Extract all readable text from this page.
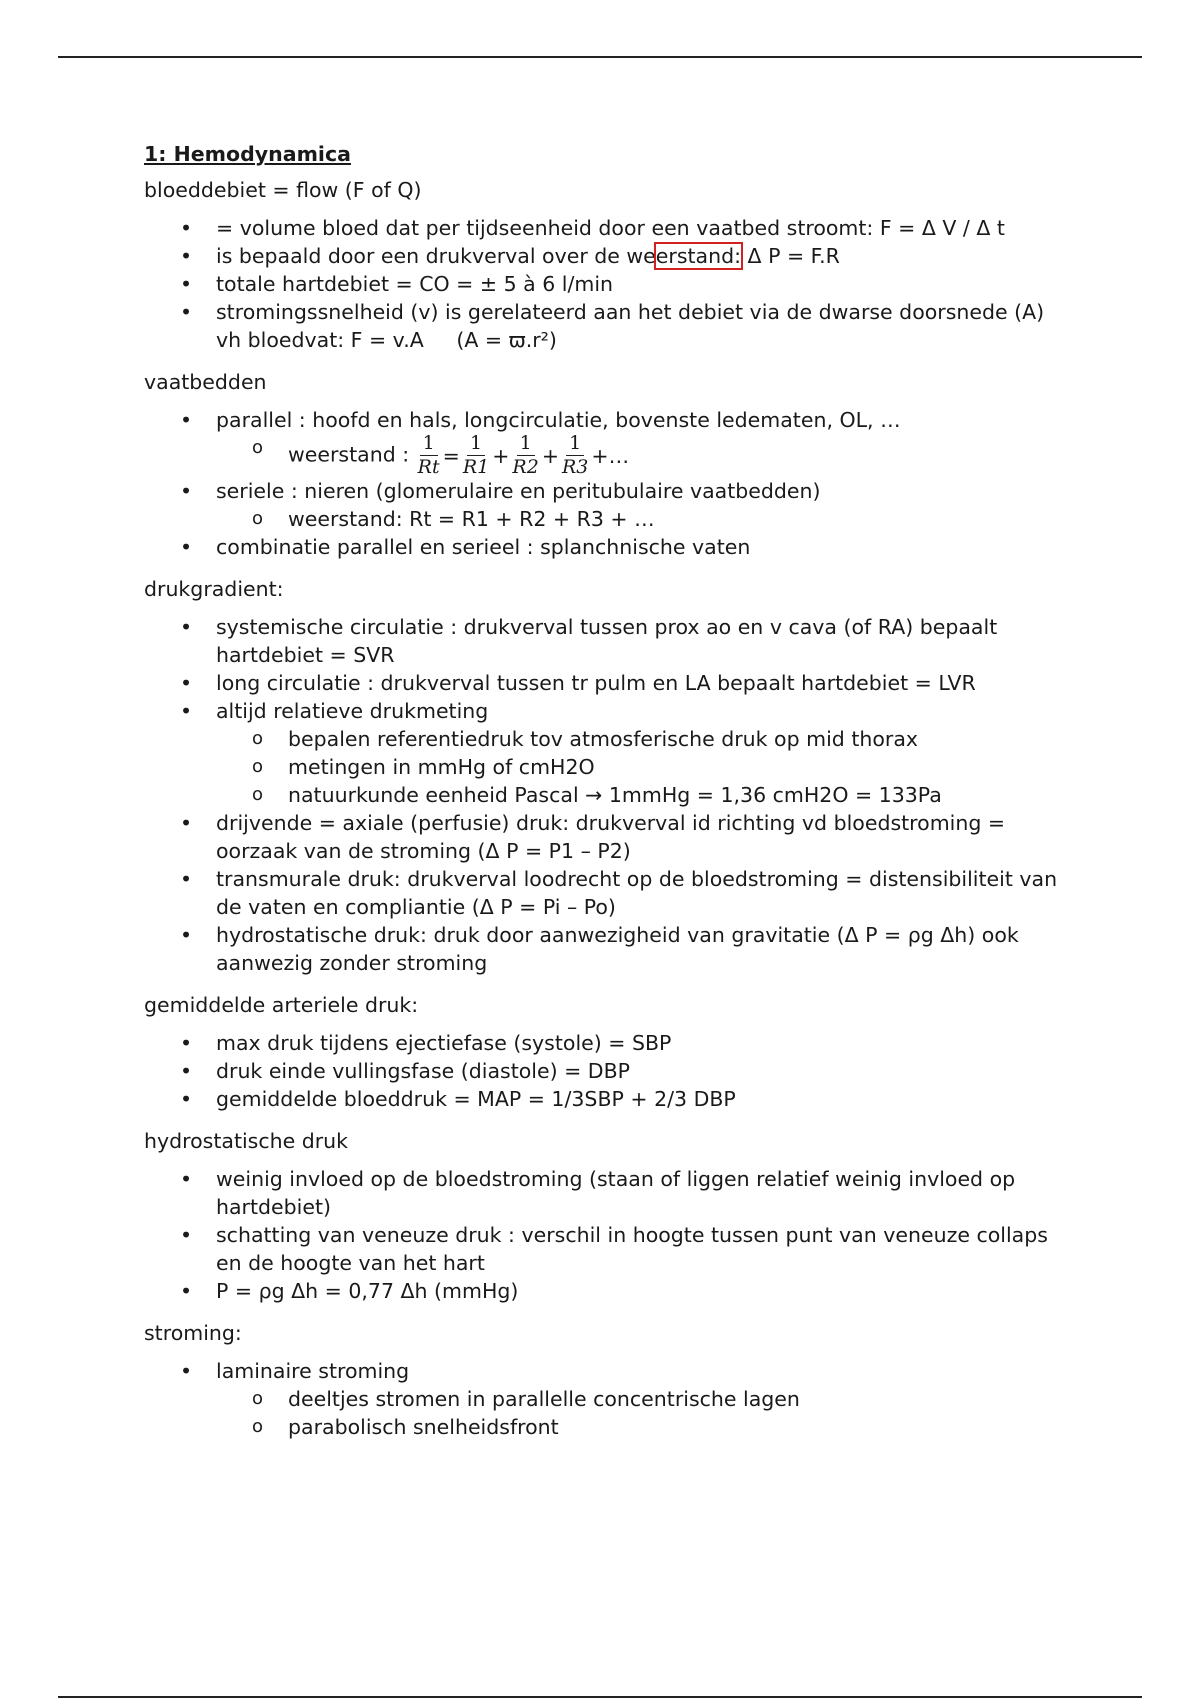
1: Hemodynamica
bloeddebiet = flow (F of Q)
• = volume bloed dat per tijdseenheid door een vaatbed stroomt: F = Δ V / Δ t
• is bepaald door een drukverval over de weerstand: Δ P = F.R
• totale hartdebiet = CO = ± 5 à 6 l/min
• stromingssnelheid (v) is gerelateerd aan het debiet via de dwarse doorsnede (A) vh bloedvat: F = v.A     (A = ϖ.r²)
vaatbedden
• parallel : hoofd en hals, longcirculatie, bovenste ledematen, OL, …
o weerstand : $\frac{1}{Rt} = \frac{1}{R1} + \frac{1}{R2} + \frac{1}{R3}$ +…
• seriele : nieren (glomerulaire en peritubulaire vaatbedden)
o weerstand: Rt = R1 + R2 + R3 + …
• combinatie parallel en serieel : splanchnische vaten
drukgradient:
• systemische circulatie : drukverval tussen prox ao en v cava (of RA) bepaalt hartdebiet = SVR
• long circulatie : drukverval tussen tr pulm en LA bepaalt hartdebiet = LVR
• altijd relatieve drukmeting
o bepalen referentiedruk tov atmosferische druk op mid thorax
o metingen in mmHg of cmH2O
o natuurkunde eenheid Pascal → 1mmHg = 1,36 cmH2O = 133Pa
• drijvende = axiale (perfusie) druk: drukverval id richting vd bloedstroming = oorzaak van de stroming (Δ P = P1 – P2)
• transmurale druk: drukverval loodrecht op de bloedstroming = distensibiliteit van de vaten en compliantie (Δ P = Pi – Po)
• hydrostatische druk: druk door aanwezigheid van gravitatie (Δ P = ρg Δh) ook aanwezig zonder stroming
gemiddelde arteriele druk:
• max druk tijdens ejectiefase (systole) = SBP
• druk einde vullingsfase (diastole) = DBP
• gemiddelde bloeddruk = MAP = 1/3SBP + 2/3 DBP
hydrostatische druk
• weinig invloed op de bloedstroming (staan of liggen relatief weinig invloed op hartdebiet)
• schatting van veneuze druk : verschil in hoogte tussen punt van veneuze collaps en de hoogte van het hart
• P = ρg Δh = 0,77 Δh (mmHg)
stroming:
• laminaire stroming
o deeltjes stromen in parallelle concentrische lagen
o parabolisch snelheidsfront
